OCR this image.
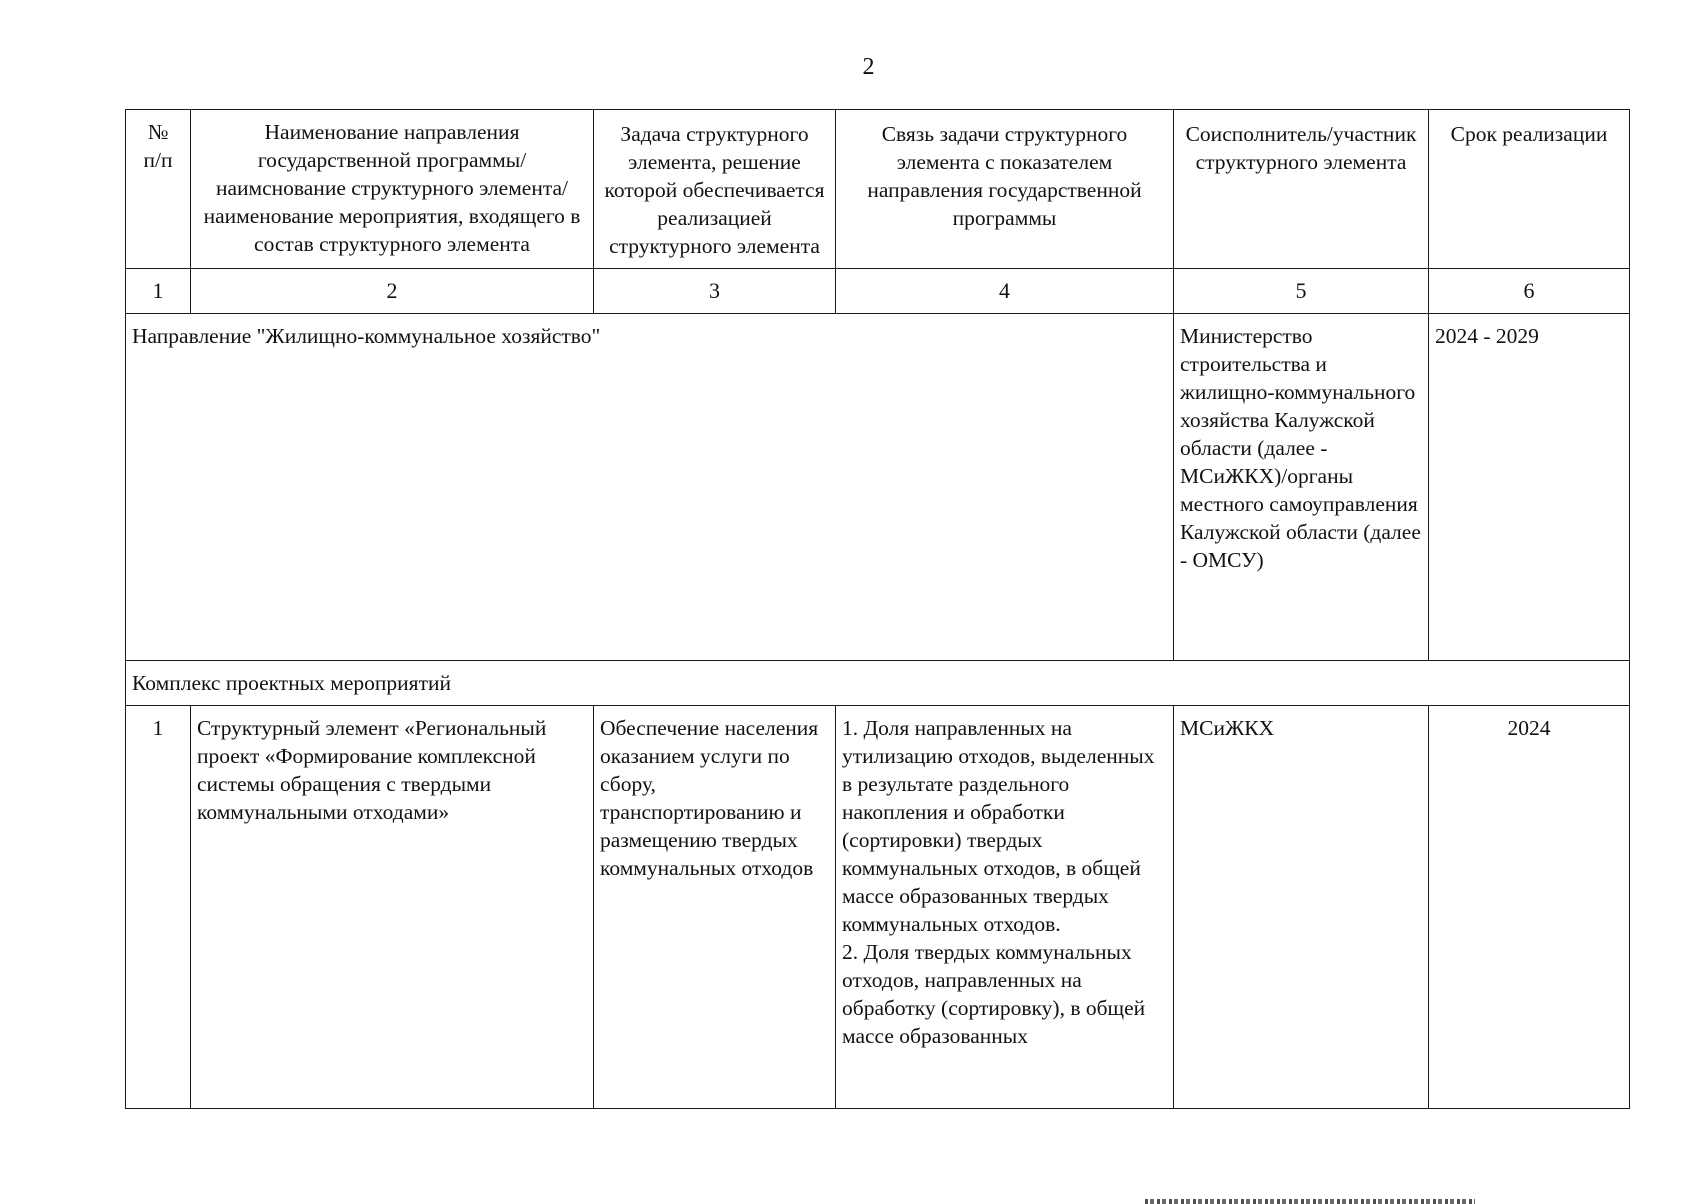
2
№
п/п	Наименование направления государственной программы/наимснование структурного элемента/наименование мероприятия, входящего в состав структурного элемента	Задача структурного элемента, решение которой обеспечивается реализацией структурного элемента	Связь задачи структурного элемента с показателем направления государственной программы	Соисполнитель/участник структурного элемента	Срок реализации
1	2	3	4	5	6
Направление "Жилищно-коммунальное хозяйство"				Министерство строительства и жилищно-коммунального хозяйства Калужской области (далее - МСиЖКХ)/органы местного самоуправления Калужской области (далее - ОМСУ)	2024 - 2029
Комплекс проектных мероприятий					
1	Структурный элемент «Региональный проект «Формирование комплексной системы обращения с твердыми коммунальными отходами»	Обеспечение населения оказанием услуги по сбору, транспортированию и размещению твердых коммунальных отходов	1. Доля направленных на утилизацию отходов, выделенных в результате раздельного накопления и обработки (сортировки) твердых коммунальных отходов, в общей массе образованных твердых коммунальных отходов.
2. Доля твердых коммунальных отходов, направленных на обработку (сортировку), в общей массе образованных	МСиЖКХ	2024
